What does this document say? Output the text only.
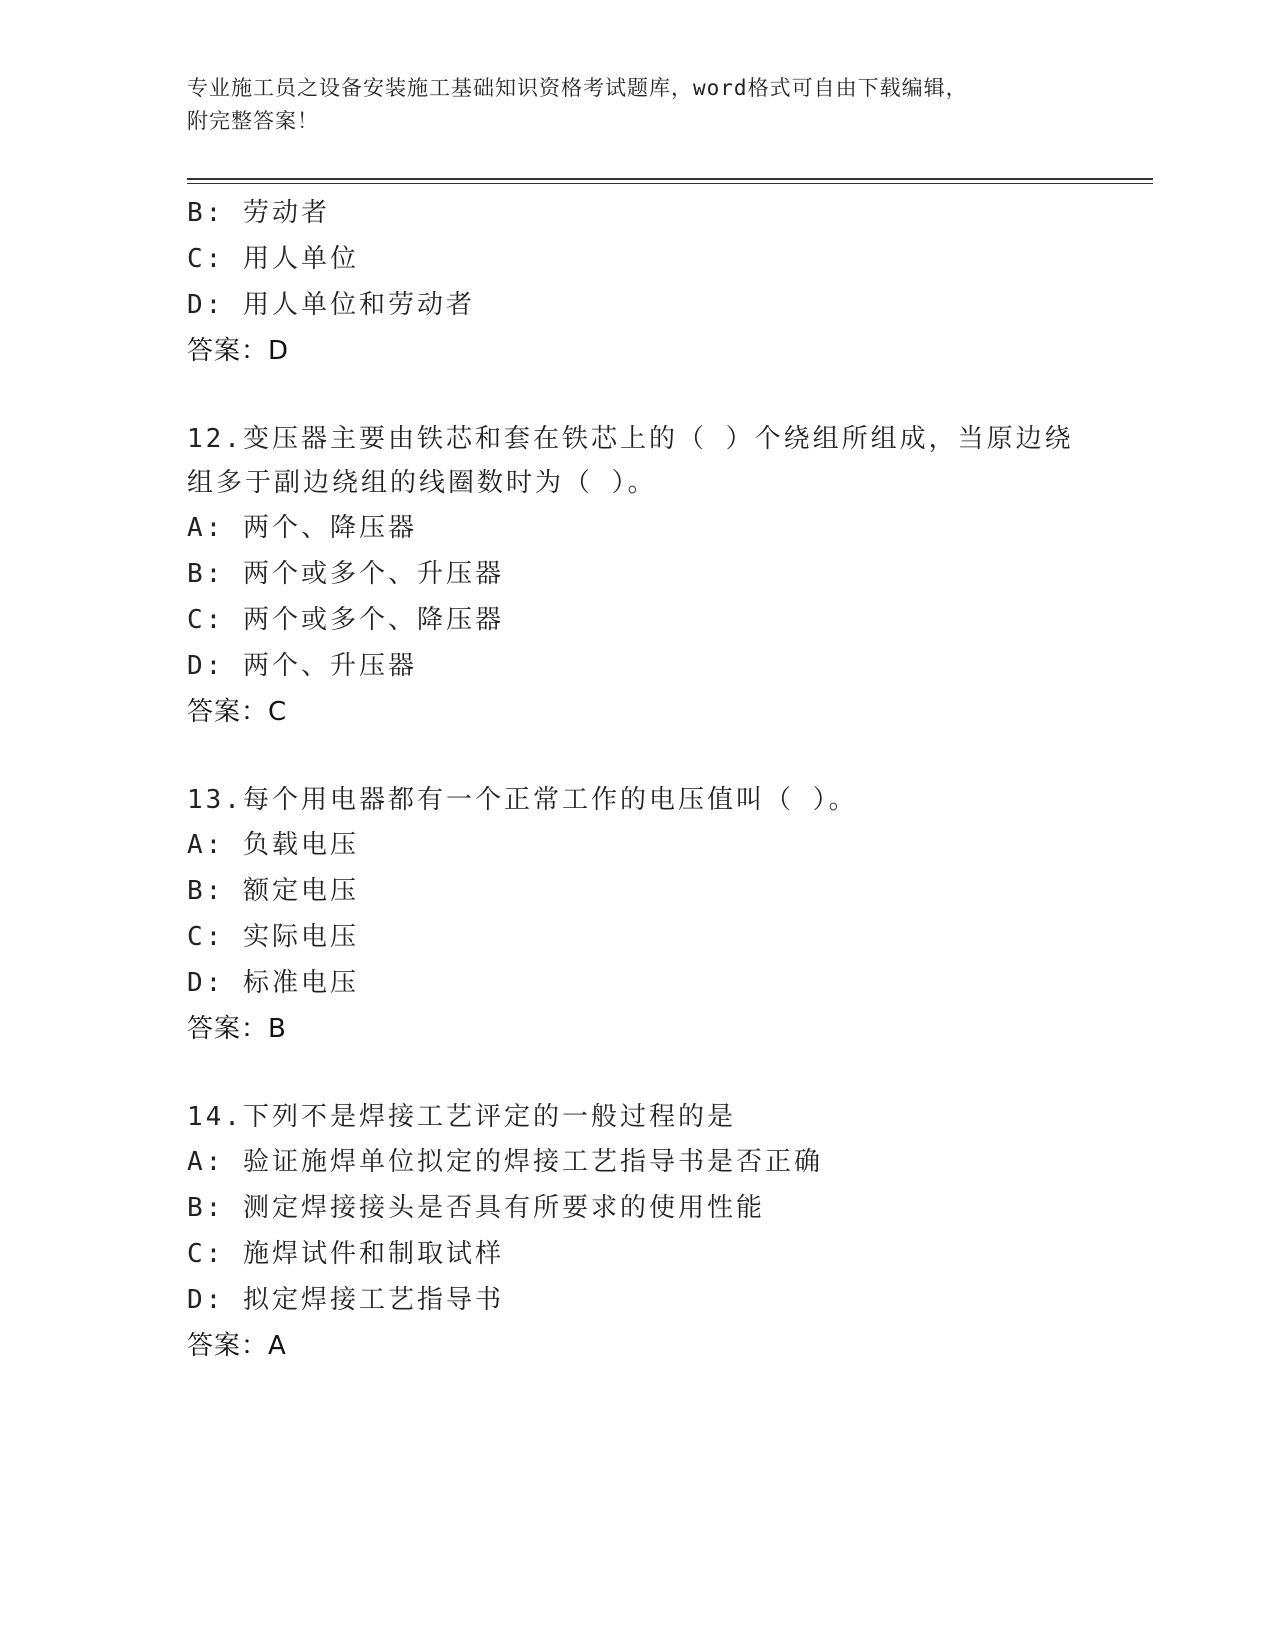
专业施工员之设备安装施工基础知识资格考试题库，word格式可自由下载编辑，
附完整答案！
B: 劳动者
C: 用人单位
D: 用人单位和劳动者
答案：D
12.变压器主要由铁芯和套在铁芯上的（ ）个绕组所组成，当原边绕
组多于副边绕组的线圈数时为（ ）。
A: 两个、降压器
B: 两个或多个、升压器
C: 两个或多个、降压器
D: 两个、升压器
答案：C
13.每个用电器都有一个正常工作的电压值叫（ ）。
A: 负载电压
B: 额定电压
C: 实际电压
D: 标准电压
答案：B
14.下列不是焊接工艺评定的一般过程的是
A: 验证施焊单位拟定的焊接工艺指导书是否正确
B: 测定焊接接头是否具有所要求的使用性能
C: 施焊试件和制取试样
D: 拟定焊接工艺指导书
答案：A
